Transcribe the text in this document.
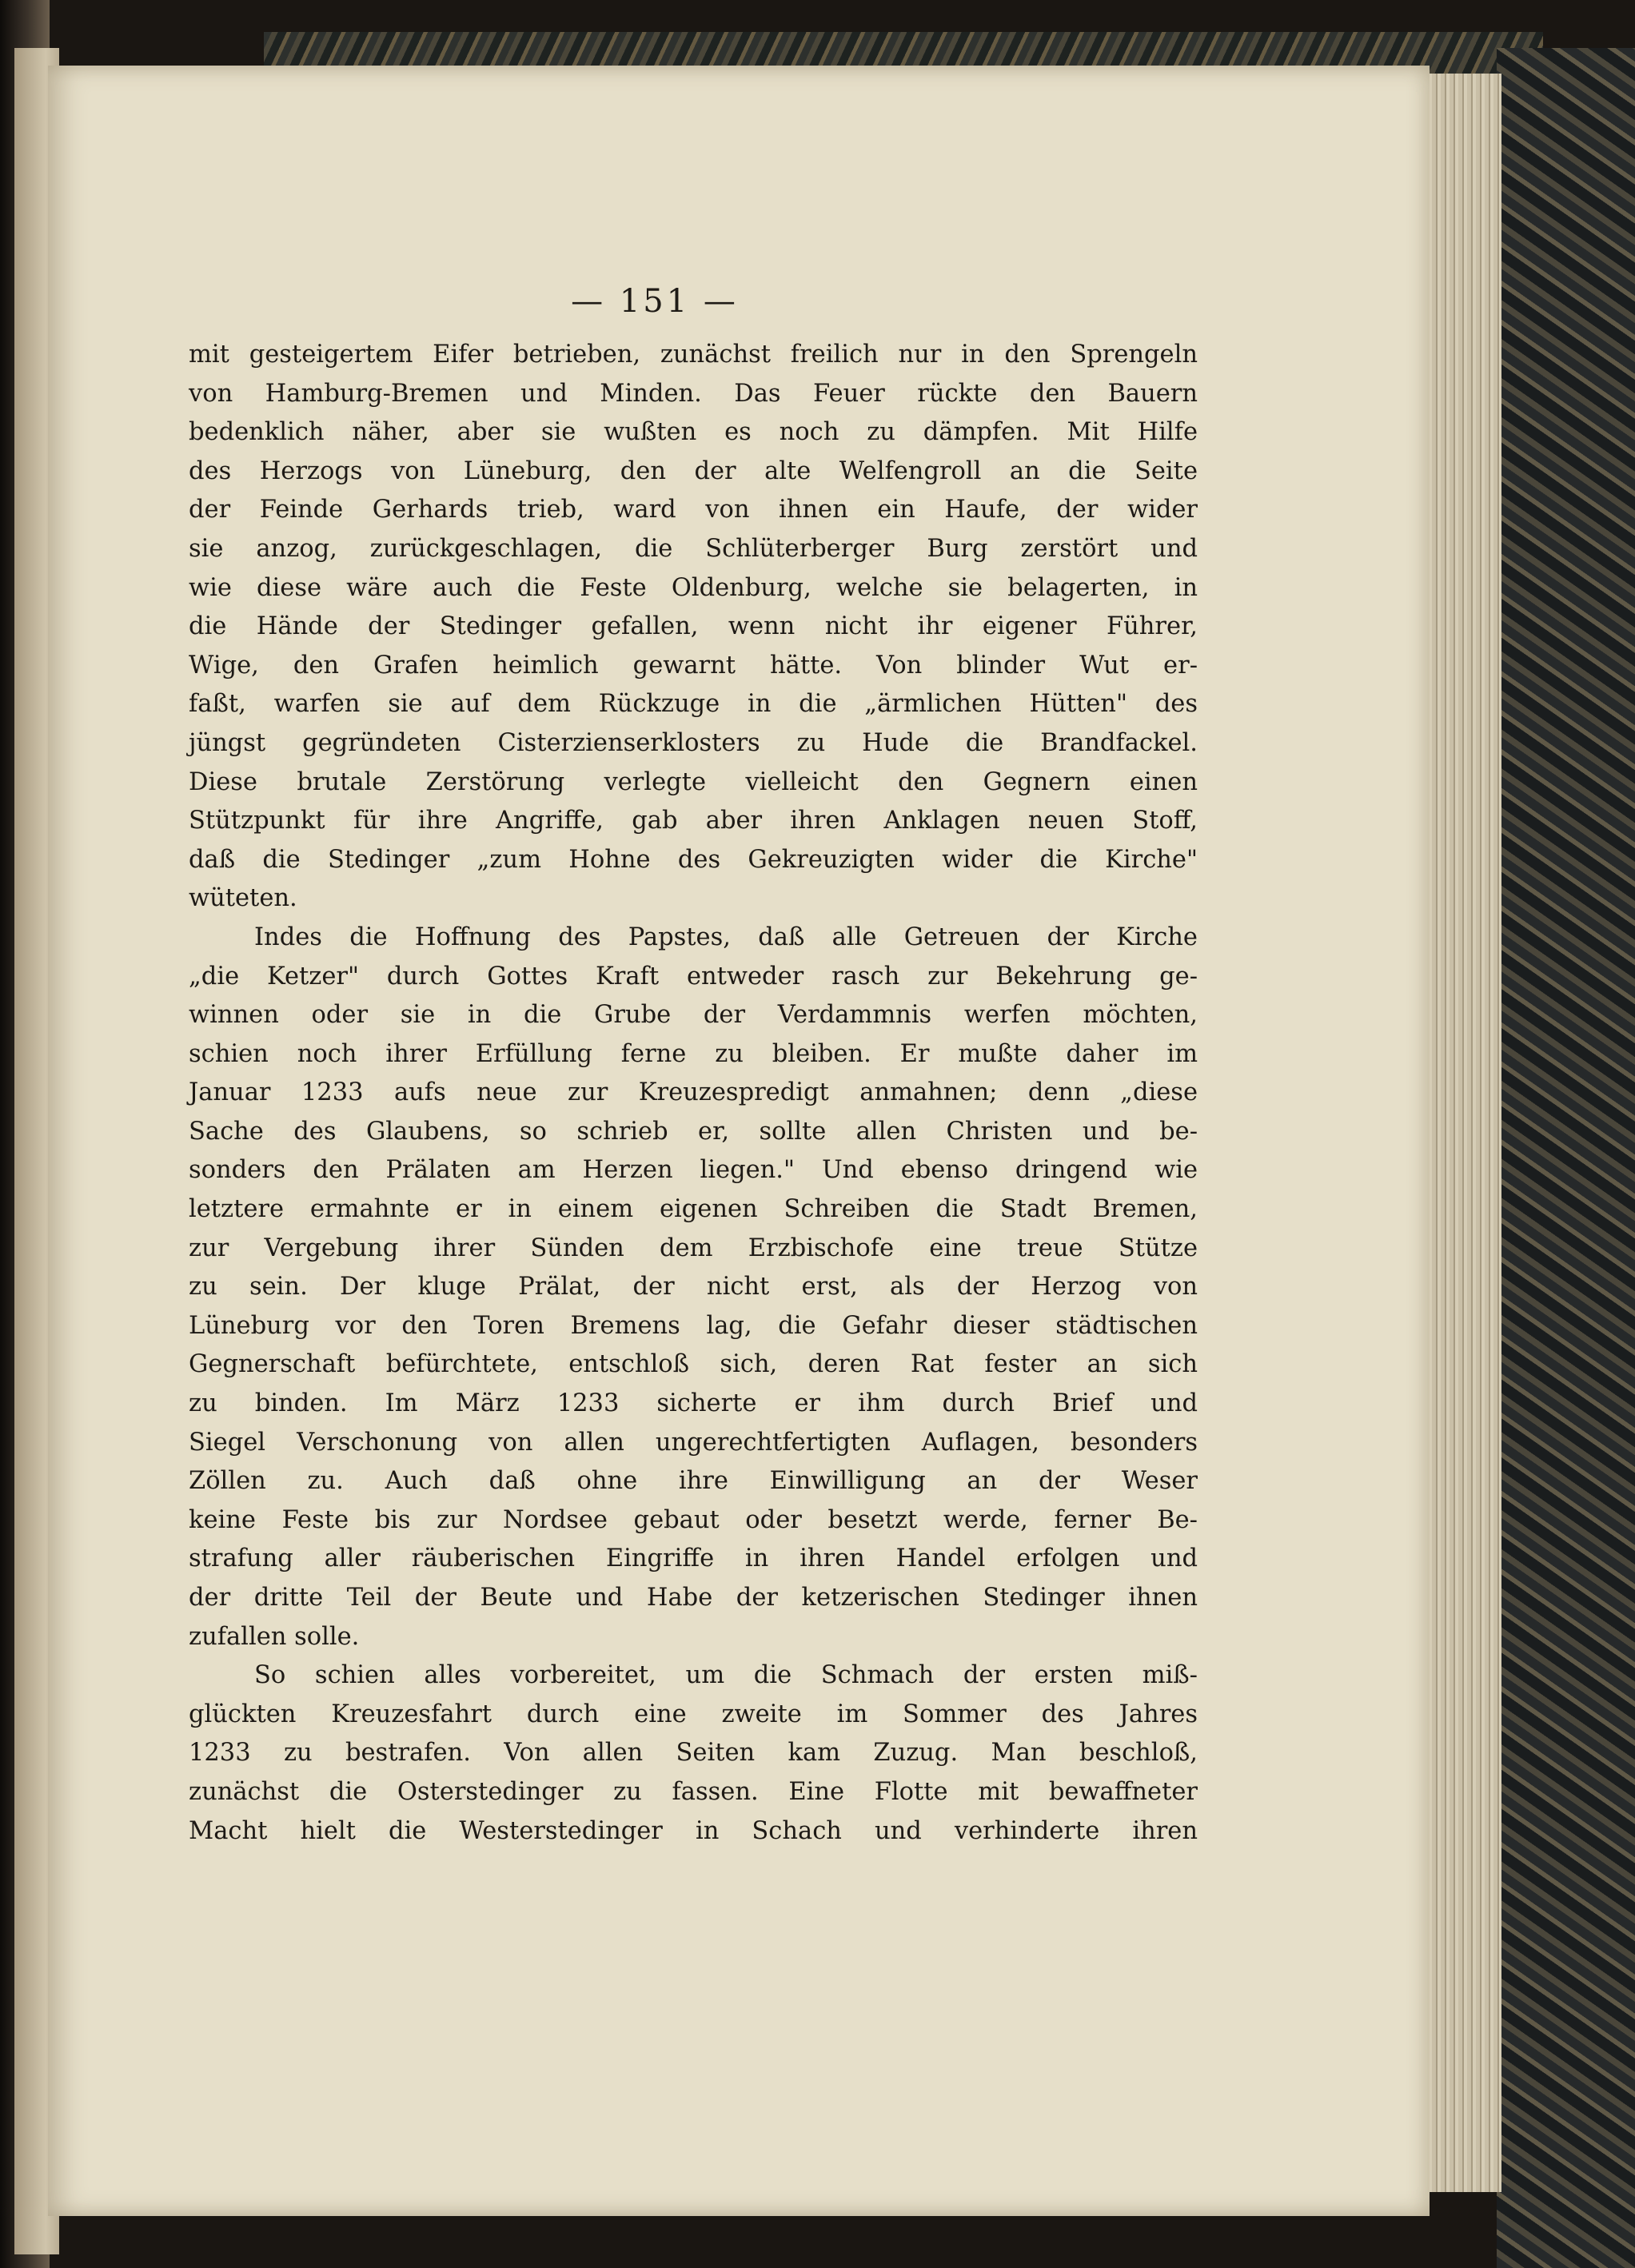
— 151 —
mit gesteigertem Eifer betrieben, zunächst freilich nur in den Sprengeln
von Hamburg-Bremen und Minden. Das Feuer rückte den Bauern
bedenklich näher, aber sie wußten es noch zu dämpfen. Mit Hilfe
des Herzogs von Lüneburg, den der alte Welfengroll an die Seite
der Feinde Gerhards trieb, ward von ihnen ein Haufe, der wider
sie anzog, zurückgeschlagen, die Schlüterberger Burg zerstört und
wie diese wäre auch die Feste Oldenburg, welche sie belagerten, in
die Hände der Stedinger gefallen, wenn nicht ihr eigener Führer,
Wige, den Grafen heimlich gewarnt hätte. Von blinder Wut er-
faßt, warfen sie auf dem Rückzuge in die „ärmlichen Hütten" des
jüngst gegründeten Cisterzienserklosters zu Hude die Brandfackel.
Diese brutale Zerstörung verlegte vielleicht den Gegnern einen
Stützpunkt für ihre Angriffe, gab aber ihren Anklagen neuen Stoff,
daß die Stedinger „zum Hohne des Gekreuzigten wider die Kirche"
wüteten.
Indes die Hoffnung des Papstes, daß alle Getreuen der Kirche
„die Ketzer" durch Gottes Kraft entweder rasch zur Bekehrung ge-
winnen oder sie in die Grube der Verdammnis werfen möchten,
schien noch ihrer Erfüllung ferne zu bleiben. Er mußte daher im
Januar 1233 aufs neue zur Kreuzespredigt anmahnen; denn „diese
Sache des Glaubens, so schrieb er, sollte allen Christen und be-
sonders den Prälaten am Herzen liegen." Und ebenso dringend wie
letztere ermahnte er in einem eigenen Schreiben die Stadt Bremen,
zur Vergebung ihrer Sünden dem Erzbischofe eine treue Stütze
zu sein. Der kluge Prälat, der nicht erst, als der Herzog von
Lüneburg vor den Toren Bremens lag, die Gefahr dieser städtischen
Gegnerschaft befürchtete, entschloß sich, deren Rat fester an sich
zu binden. Im März 1233 sicherte er ihm durch Brief und
Siegel Verschonung von allen ungerechtfertigten Auflagen, besonders
Zöllen zu. Auch daß ohne ihre Einwilligung an der Weser
keine Feste bis zur Nordsee gebaut oder besetzt werde, ferner Be-
strafung aller räuberischen Eingriffe in ihren Handel erfolgen und
der dritte Teil der Beute und Habe der ketzerischen Stedinger ihnen
zufallen solle.
So schien alles vorbereitet, um die Schmach der ersten miß-
glückten Kreuzesfahrt durch eine zweite im Sommer des Jahres
1233 zu bestrafen. Von allen Seiten kam Zuzug. Man beschloß,
zunächst die Osterstedinger zu fassen. Eine Flotte mit bewaffneter
Macht hielt die Westerstedinger in Schach und verhinderte ihren
